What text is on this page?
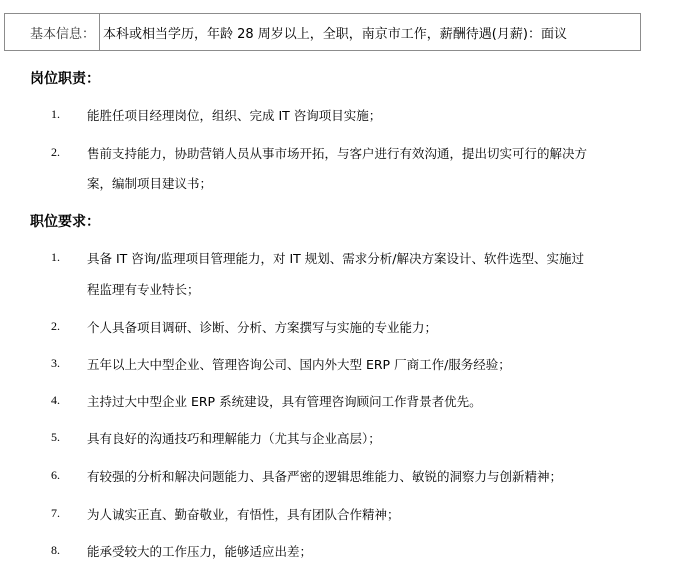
基本信息： 本科或相当学历，年龄 28 周岁以上，全职，南京市工作，薪酬待遇(月薪)：面议
岗位职责：
1. 能胜任项目经理岗位，组织、完成 IT 咨询项目实施；
2. 售前支持能力，协助营销人员从事市场开拓，与客户进行有效沟通，提出切实可行的解决方
案，编制项目建议书；
职位要求：
1. 具备 IT 咨询/监理项目管理能力，对 IT 规划、需求分析/解决方案设计、软件选型、实施过
程监理有专业特长；
2. 个人具备项目调研、诊断、分析、方案撰写与实施的专业能力；
3. 五年以上大中型企业、管理咨询公司、国内外大型 ERP 厂商工作/服务经验；
4. 主持过大中型企业 ERP 系统建设，具有管理咨询顾问工作背景者优先。
5. 具有良好的沟通技巧和理解能力（尤其与企业高层）；
6. 有较强的分析和解决问题能力、具备严密的逻辑思维能力、敏锐的洞察力与创新精神；
7. 为人诚实正直、勤奋敬业，有悟性，具有团队合作精神；
8. 能承受较大的工作压力，能够适应出差；
